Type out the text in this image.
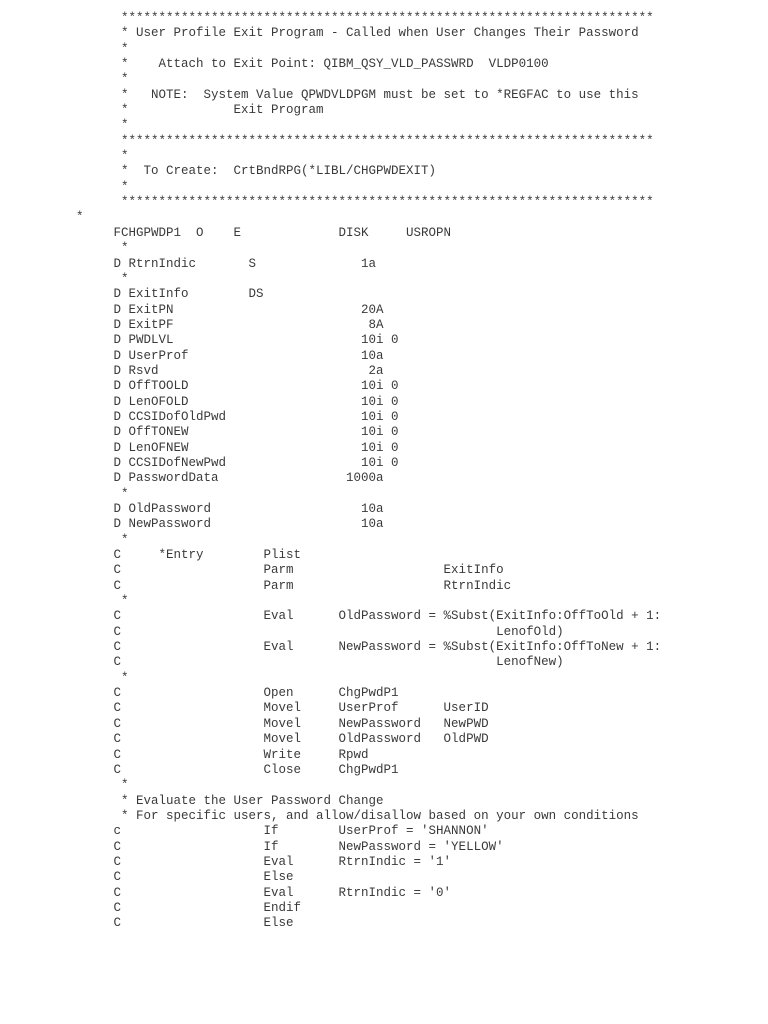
***********************************************************************
* User Profile Exit Program - Called when User Changes Their Password
*
*    Attach to Exit Point: QIBM_QSY_VLD_PASSWRD  VLDP0100
*
*   NOTE:  System Value QPWDVLDPGM must be set to *REGFAC to use this
*              Exit Program
*
***********************************************************************
*
*  To Create:  CrtBndRPG(*LIBL/CHGPWDEXIT)
*
***********************************************************************
*
FCHGPWDP1  O    E             DISK     USROPN
*
D RtrnIndic       S              1a
*
D ExitInfo        DS
D ExitPN                         20A
D ExitPF                          8A
D PWDLVL                         10i 0
D UserProf                       10a
D Rsvd                            2a
D OffTOOLD                       10i 0
D LenOFOLD                       10i 0
D CCSIDofOldPwd                  10i 0
D OffTONEW                       10i 0
D LenOFNEW                       10i 0
D CCSIDofNewPwd                  10i 0
D PasswordData                 1000a
*
D OldPassword                    10a
D NewPassword                    10a
*
C     *Entry        Plist
C                   Parm                    ExitInfo
C                   Parm                    RtrnIndic
*
C                   Eval      OldPassword = %Subst(ExitInfo:OffToOld + 1:
C                                                  LenofOld)
C                   Eval      NewPassword = %Subst(ExitInfo:OffToNew + 1:
C                                                  LenofNew)
*
C                   Open      ChgPwdP1
C                   Movel     UserProf      UserID
C                   Movel     NewPassword   NewPWD
C                   Movel     OldPassword   OldPWD
C                   Write     Rpwd
C                   Close     ChgPwdP1
*
* Evaluate the User Password Change
* For specific users, and allow/disallow based on your own conditions
c                   If        UserProf = 'SHANNON'
C                   If        NewPassword = 'YELLOW'
C                   Eval      RtrnIndic = '1'
C                   Else
C                   Eval      RtrnIndic = '0'
C                   Endif
C                   Else
